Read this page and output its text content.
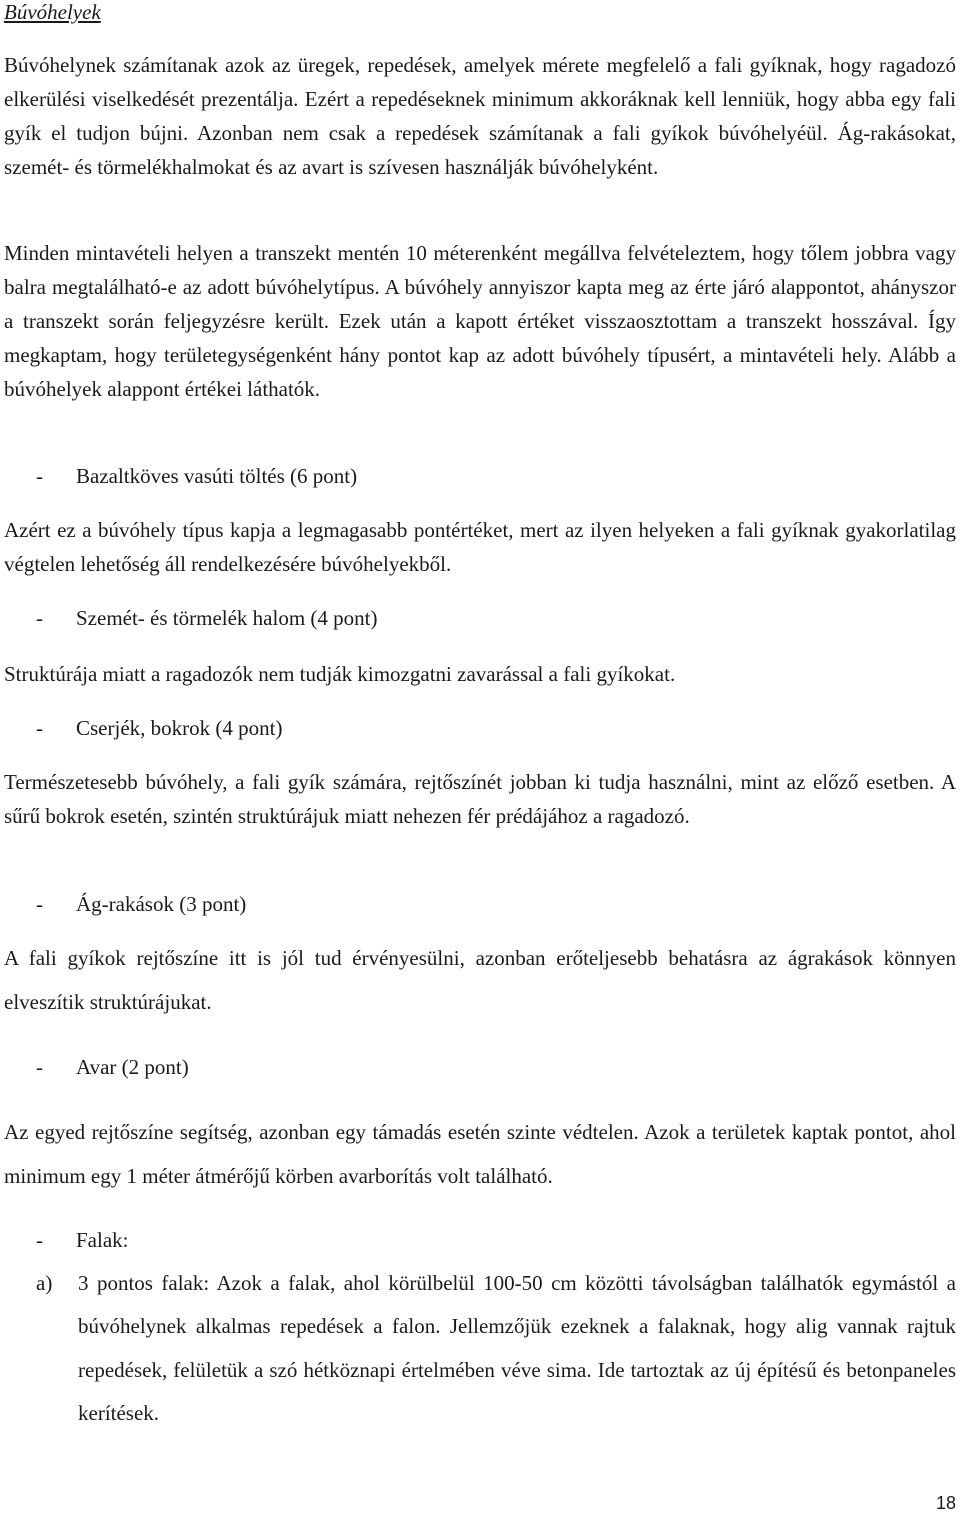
Búvóhelyek

Búvóhelynek számítanak azok az üregek, repedések, amelyek mérete megfelelő a fali gyíknak, hogy ragadozó elkerülési viselkedését prezentálja. Ezért a repedéseknek minimum akkoráknak kell lenniük, hogy abba egy fali gyík el tudjon bújni. Azonban nem csak a repedések számítanak a fali gyíkok búvóhelyéül. Ág-rakásokat, szemét- és törmelékhalmokat és az avart is szívesen használják búvóhelyként.

Minden mintavételi helyen a transzekt mentén 10 méterenként megállva felvételeztem, hogy tőlem jobbra vagy balra megtalálható-e az adott búvóhelytípus. A búvóhely annyiszor kapta meg az érte járó alappontot, ahányszor a transzekt során feljegyzésre került. Ezek után a kapott értéket visszaosztottam a transzekt hosszával. Így megkaptam, hogy területegységenként hány pontot kap az adott búvóhely típusért, a mintavételi hely. Alább a búvóhelyek alappont értékei láthatók.

- Bazaltköves vasúti töltés (6 pont)

Azért ez a búvóhely típus kapja a legmagasabb pontértéket, mert az ilyen helyeken a fali gyíknak gyakorlatilag végtelen lehetőség áll rendelkezésére búvóhelyekből.

- Szemét- és törmelék halom (4 pont)

Struktúrája miatt a ragadozók nem tudják kimozgatni zavarással a fali gyíkokat.

- Cserjék, bokrok (4 pont)

Természetesebb búvóhely, a fali gyík számára, rejtőszínét jobban ki tudja használni, mint az előző esetben. A sűrű bokrok esetén, szintén struktúrájuk miatt nehezen fér prédájához a ragadozó.

- Ág-rakások (3 pont)

A fali gyíkok rejtőszíne itt is jól tud érvényesülni, azonban erőteljesebb behatásra az ágrakások könnyen elveszítik struktúrájukat.

- Avar (2 pont)

Az egyed rejtőszíne segítség, azonban egy támadás esetén szinte védtelen. Azok a területek kaptak pontot, ahol minimum egy 1 méter átmérőjű körben avarborítás volt található.

- Falak:
a) 3 pontos falak: Azok a falak, ahol körülbelül 100-50 cm közötti távolságban találhatók egymástól a búvóhelynek alkalmas repedések a falon. Jellemzőjük ezeknek a falaknak, hogy alig vannak rajtuk repedések, felületük a szó hétköznapi értelmében véve sima. Ide tartoztak az új építésű és betonpaneles kerítések.
18
